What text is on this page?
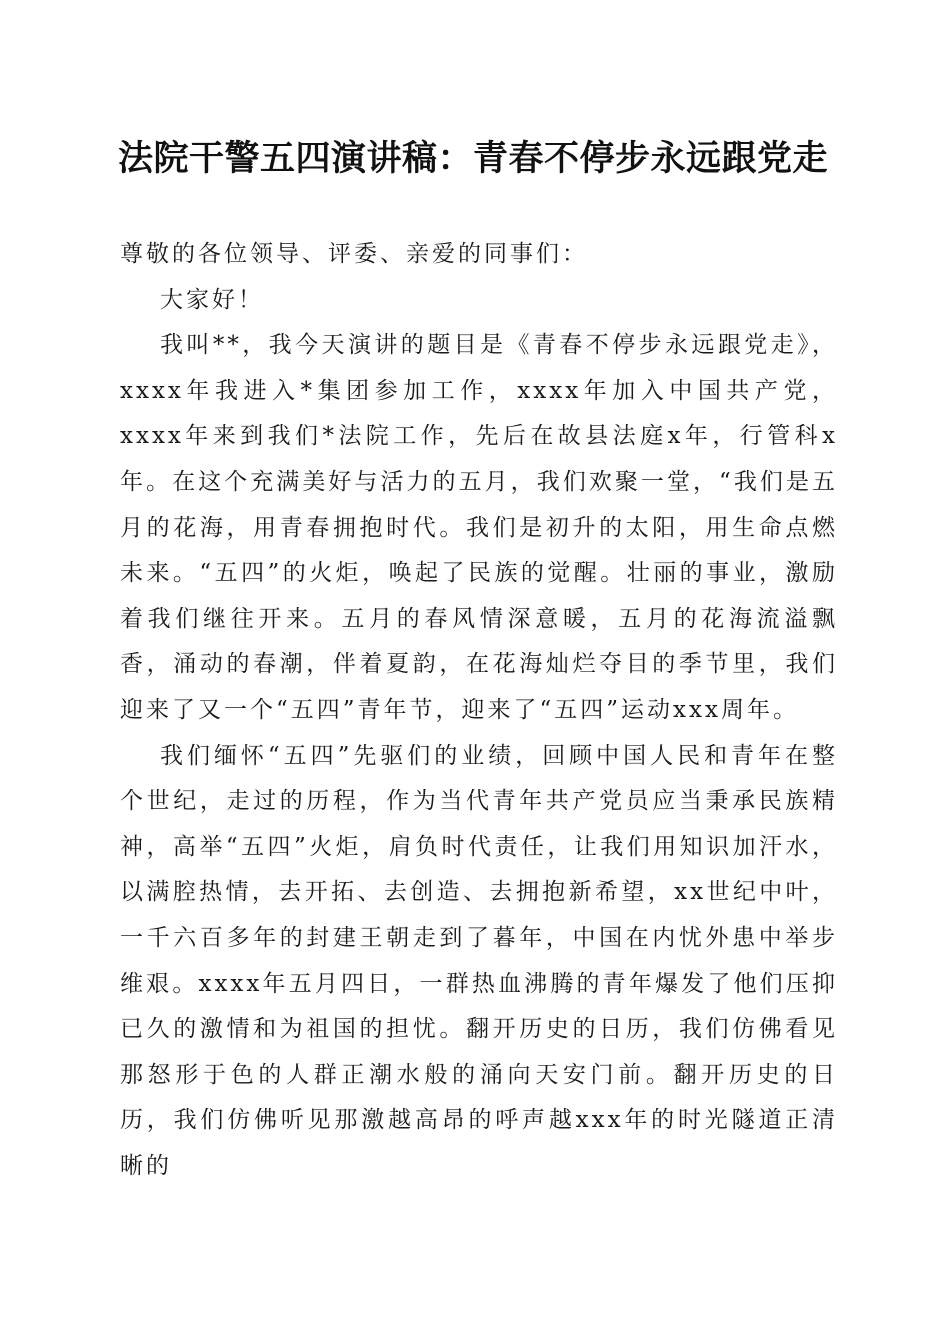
法院干警五四演讲稿：青春不停步永远跟党走

尊敬的各位领导、评委、亲爱的同事们：

大家好！

我叫**，我今天演讲的题目是《青春不停步永远跟党走》，xxxx年我进入*集团参加工作，xxxx年加入中国共产党，xxxx年来到我们*法院工作，先后在故县法庭x年，行管科x年。在这个充满美好与活力的五月，我们欢聚一堂，“我们是五月的花海，用青春拥抱时代。我们是初升的太阳，用生命点燃未来。“五四”的火炬，唤起了民族的觉醒。壮丽的事业，激励着我们继往开来。五月的春风情深意暖，五月的花海流溢飘香，涌动的春潮，伴着夏韵，在花海灿烂夺目的季节里，我们迎来了又一个“五四”青年节，迎来了“五四”运动xxx周年。

我们缅怀“五四”先驱们的业绩，回顾中国人民和青年在整个世纪，走过的历程，作为当代青年共产党员应当秉承民族精神，高举“五四”火炬，肩负时代责任，让我们用知识加汗水，以满腔热情，去开拓、去创造、去拥抱新希望，xx世纪中叶，一千六百多年的封建王朝走到了暮年，中国在内忧外患中举步维艰。xxxx年五月四日，一群热血沸腾的青年爆发了他们压抑已久的激情和为祖国的担忧。翻开历史的日历，我们仿佛看见那怒形于色的人群正潮水般的涌向天安门前。翻开历史的日历，我们仿佛听见那激越高昂的呼声越xxx年的时光隧道正清晰的
